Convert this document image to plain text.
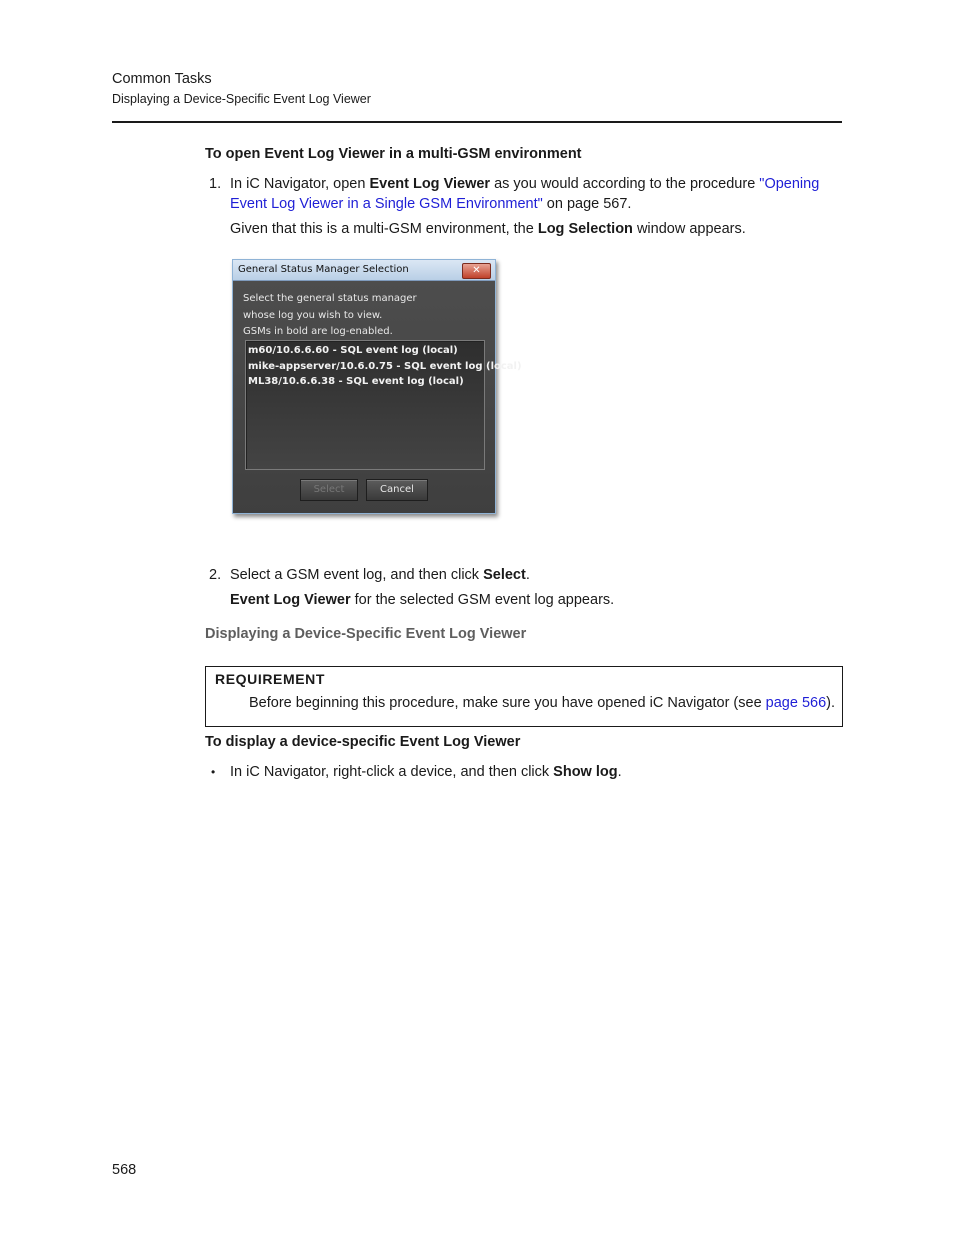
Common Tasks
Displaying a Device-Specific Event Log Viewer
To open Event Log Viewer in a multi-GSM environment
1. In iC Navigator, open Event Log Viewer as you would according to the procedure "Opening
Event Log Viewer in a Single GSM Environment" on page 567.
Given that this is a multi-GSM environment, the Log Selection window appears.
General Status Manager Selection	✕
Select the general status manager
whose log you wish to view.
GSMs in bold are log-enabled.
m60/10.6.6.60 - SQL event log (local)
mike-appserver/10.6.0.75 - SQL event log (local)
ML38/10.6.6.38 - SQL event log (local)
Select	Cancel
2. Select a GSM event log, and then click Select.
Event Log Viewer for the selected GSM event log appears.
Displaying a Device-Specific Event Log Viewer
REQUIREMENT
Before beginning this procedure, make sure you have opened iC Navigator (see page 566).
To display a device-specific Event Log Viewer
• In iC Navigator, right-click a device, and then click Show log.
568
